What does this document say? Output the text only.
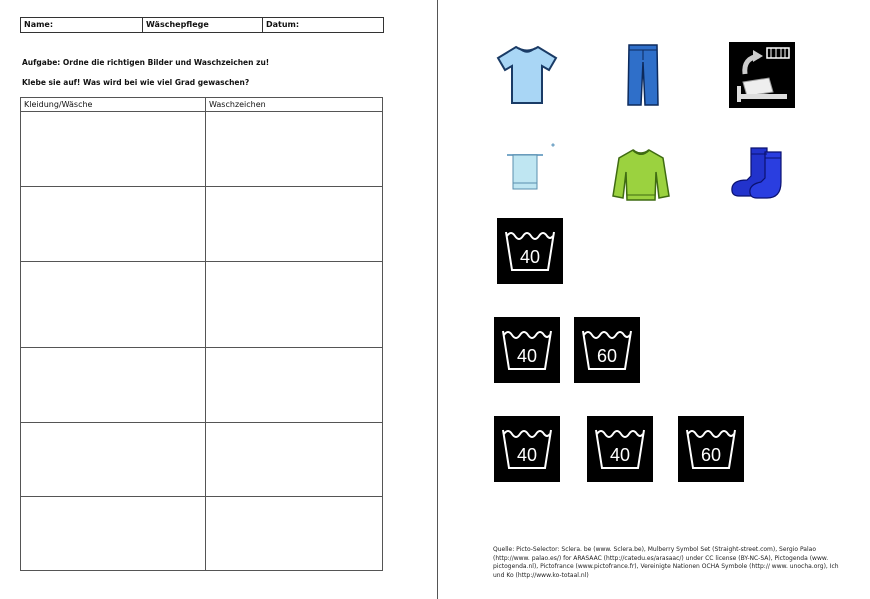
Name:	Wäschepflege	Datum:
Aufgabe: Ordne die richtigen Bilder und Waschzeichen zu!
Klebe sie auf! Was wird bei wie viel Grad gewaschen?
Kleidung/Wäsche	Waschzeichen

40
40	60
40	40	60
Quelle: Picto-Selector: Sclera. be (www. Sclera.be), Mulberry Symbol Set (Straight-street.com), Sergio Palao (http://www. palao.es/) for ARASAAC (http://catedu.es/arasaac/) under CC license (BY-NC-SA), Pictogenda (www. pictogenda.nl), Pictofrance (www.pictofrance.fr), Vereinigte Nationen OCHA Symbole (http:// www. unocha.org), Ich und Ko (http://www.ko-totaal.nl)
